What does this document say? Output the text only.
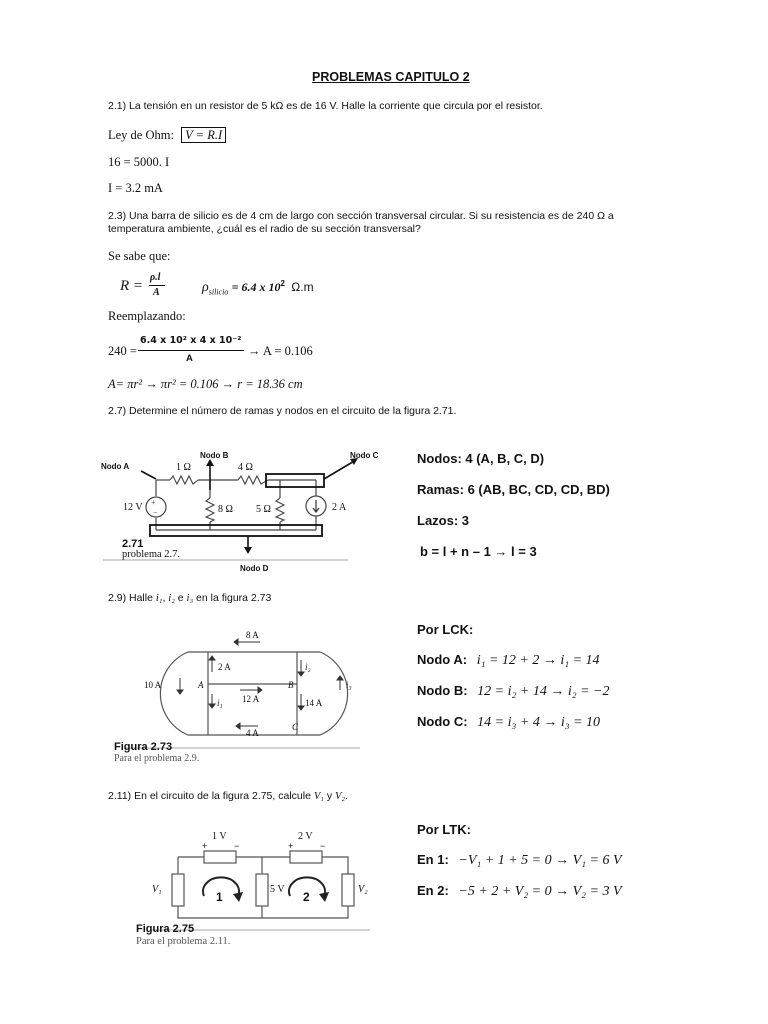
PROBLEMAS CAPITULO 2
2.1) La tensión en un resistor de 5 kΩ es de 16 V. Halle la corriente que circula por el resistor.
Ley de Ohm: V = R.I
16 = 5000. I
I = 3.2 mA
2.3) Una barra de silicio es de 4 cm de largo con sección transversal circular. Si su resistencia es de 240 Ω a
temperatura ambiente, ¿cuál es el radio de su sección transversal?
Se sabe que:
R =
ρ.l
A	$\rho_{silicio} = 6.4$ x $10^2$ Ω.m
Reemplazando:
240 =
6.4 x 10² x 4 x 10⁻²
A
→ A = 0.106
A= πr² → πr² = 0.106 → r = 18.36 cm
2.7) Determine el número de ramas y nodos en el circuito de la figura 2.71.
+
−
Nodo A
Nodo B	Nodo C
Nodo D
1 Ω	4 Ω
8 Ω 5 Ω
12 V	2 A
2.71
problema 2.7.
Nodos: 4 (A, B, C, D)
Ramas: 6 (AB, BC, CD, CD, BD)
Lazos: 3
b = l + n – 1 → l = 3
2.9) Halle i₁, i₂ e i₃ en la figura 2.73
8 A
2 A
10 A	A
i₁ 12 A
B
i₂
14 A
i₃
C
4 A
Figura 2.73
Para el problema 2.9.
Por LCK:
Nodo A: i₁ = 12 + 2 → i₁ = 14
Nodo B: 12 = i₂ + 14 → i₂ = −2
Nodo C: 14 = i₃ + 4 → i₃ = 10
2.11) En el circuito de la figura 2.75, calcule V₁ y V₂.
1 V
+	−
2 V
+	−
V₁	5 V	V₂
1	2
Figura 2.75
Para el problema 2.11.
Por LTK:
En 1: −V₁ + 1 + 5 = 0 → V₁ = 6 V
En 2: −5 + 2 + V₂ = 0 → V₂ = 3 V
